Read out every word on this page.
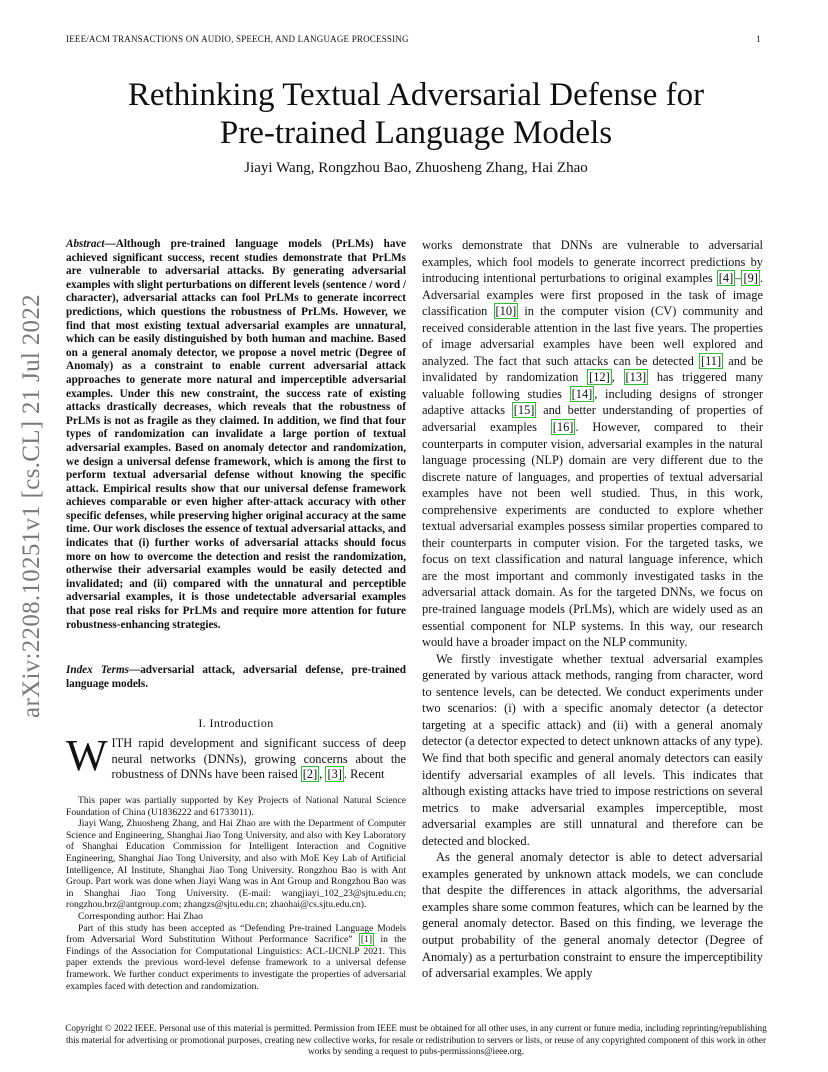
IEEE/ACM TRANSACTIONS ON AUDIO, SPEECH, AND LANGUAGE PROCESSING	1
Rethinking Textual Adversarial Defense for
Pre-trained Language Models
Jiayi Wang, Rongzhou Bao, Zhuosheng Zhang, Hai Zhao
arXiv:2208.10251v1 [cs.CL] 21 Jul 2022
Abstract—Although pre-trained language models (PrLMs) have achieved significant success, recent studies demonstrate that PrLMs are vulnerable to adversarial attacks. By generating adversarial examples with slight perturbations on different levels (sentence / word / character), adversarial attacks can fool PrLMs to generate incorrect predictions, which questions the robustness of PrLMs. However, we find that most existing textual adversarial examples are unnatural, which can be easily distinguished by both human and machine. Based on a general anomaly detector, we propose a novel metric (Degree of Anomaly) as a constraint to enable current adversarial attack approaches to generate more natural and imperceptible adversarial examples. Under this new constraint, the success rate of existing attacks drastically decreases, which reveals that the robustness of PrLMs is not as fragile as they claimed. In addition, we find that four types of randomization can invalidate a large portion of textual adversarial examples. Based on anomaly detector and randomization, we design a universal defense framework, which is among the first to perform textual adversarial defense without knowing the specific attack. Empirical results show that our universal defense framework achieves comparable or even higher after-attack accuracy with other specific defenses, while preserving higher original accuracy at the same time. Our work discloses the essence of textual adversarial attacks, and indicates that (i) further works of adversarial attacks should focus more on how to overcome the detection and resist the randomization, otherwise their adversarial examples would be easily detected and invalidated; and (ii) compared with the unnatural and perceptible adversarial examples, it is those undetectable adversarial examples that pose real risks for PrLMs and require more attention for future robustness-enhancing strategies.
Index Terms—adversarial attack, adversarial defense, pre-trained language models.
I. Introduction
WITH rapid development and significant success of deep neural networks (DNNs), growing concerns about the robustness of DNNs have been raised [2] , [3] . Recent

This paper was partially supported by Key Projects of National Natural Science Foundation of China (U1836222 and 61733011).

Jiayi Wang, Zhuosheng Zhang, and Hai Zhao are with the Department of Computer Science and Engineering, Shanghai Jiao Tong University, and also with Key Laboratory of Shanghai Education Commission for Intelligent Interaction and Cognitive Engineering, Shanghai Jiao Tong University, and also with MoE Key Lab of Artificial Intelligence, AI Institute, Shanghai Jiao Tong University. Rongzhou Bao is with Ant Group. Part work was done when Jiayi Wang was in Ant Group and Rongzhou Bao was in Shanghai Jiao Tong University. (E-mail: wangjiayi_102_23@sjtu.edu.cn; rongzhou.brz@antgroup.com; zhangzs@sjtu.edu.cn; zhaohai@cs.sjtu.edu.cn).

Corresponding author: Hai Zhao

Part of this study has been accepted as “Defending Pre-trained Language Models from Adversarial Word Substitution Without Performance Sacrifice” [1] in the Findings of the Association for Computational Linguistics: ACL-IJCNLP 2021. This paper extends the previous word-level defense framework to a universal defense framework. We further conduct experiments to investigate the properties of adversarial examples faced with detection and randomization.

works demonstrate that DNNs are vulnerable to adversarial examples, which fool models to generate incorrect predictions by introducing intentional perturbations to original examples [4] – [9] . Adversarial examples were first proposed in the task of image classification [10] in the computer vision (CV) community and received considerable attention in the last five years. The properties of image adversarial examples have been well explored and analyzed. The fact that such attacks can be detected [11] and be invalidated by randomization [12] , [13] has triggered many valuable following studies [14] , including designs of stronger adaptive attacks [15] and better understanding of properties of adversarial examples [16] . However, compared to their counterparts in computer vision, adversarial examples in the natural language processing (NLP) domain are very different due to the discrete nature of languages, and properties of textual adversarial examples have not been well studied. Thus, in this work, comprehensive experiments are conducted to explore whether textual adversarial examples possess similar properties compared to their counterparts in computer vision. For the targeted tasks, we focus on text classification and natural language inference, which are the most important and commonly investigated tasks in the adversarial attack domain. As for the targeted DNNs, we focus on pre-trained language models (PrLMs), which are widely used as an essential component for NLP systems. In this way, our research would have a broader impact on the NLP community.

We firstly investigate whether textual adversarial examples generated by various attack methods, ranging from character, word to sentence levels, can be detected. We conduct experiments under two scenarios: (i) with a specific anomaly detector (a detector targeting at a specific attack) and (ii) with a general anomaly detector (a detector expected to detect unknown attacks of any type). We find that both specific and general anomaly detectors can easily identify adversarial examples of all levels. This indicates that although existing attacks have tried to impose restrictions on several metrics to make adversarial examples imperceptible, most adversarial examples are still unnatural and therefore can be detected and blocked.

As the general anomaly detector is able to detect adversarial examples generated by unknown attack models, we can conclude that despite the differences in attack algorithms, the adversarial examples share some common features, which can be learned by the general anomaly detector. Based on this finding, we leverage the output probability of the general anomaly detector (Degree of Anomaly) as a perturbation constraint to ensure the imperceptibility of adversarial examples. We apply

Copyright © 2022 IEEE. Personal use of this material is permitted. Permission from IEEE must be obtained for all other uses, in any current or future media, including reprinting/republishing this material for advertising or promotional purposes, creating new collective works, for resale or redistribution to servers or lists, or reuse of any copyrighted component of this work in other works by sending a request to pubs-permissions@ieee.org.
